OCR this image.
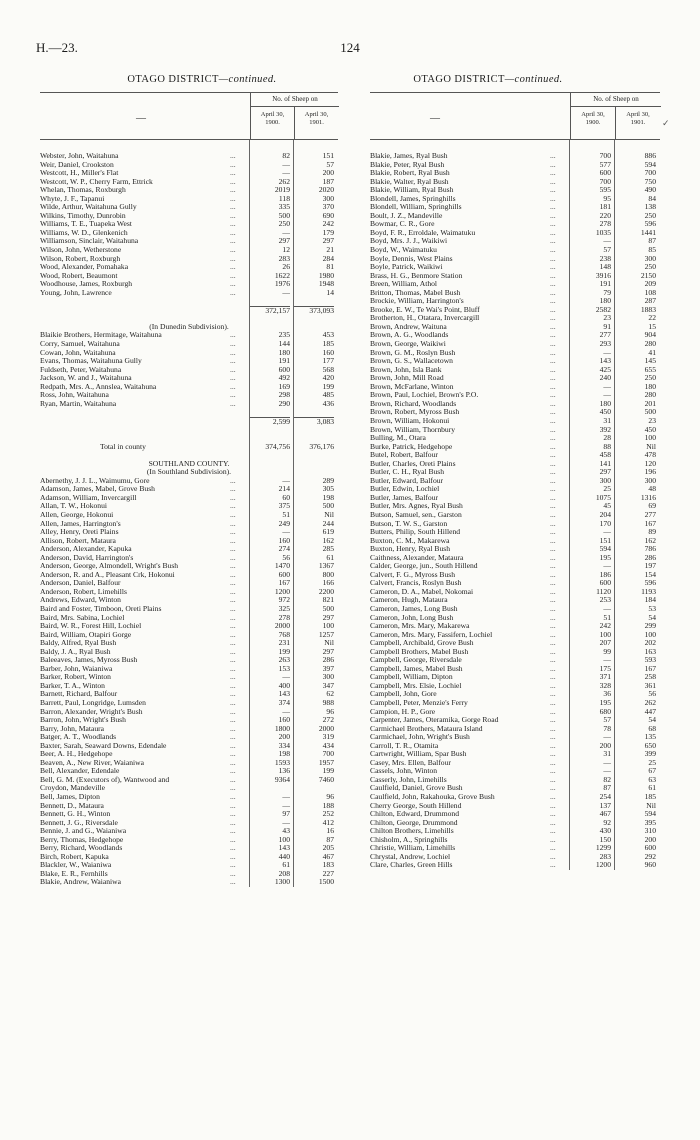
H.—23.	124
OTAGO DISTRICT—continued.	OTAGO DISTRICT—continued.
—
No. of Sheep on
April 30,
1900.
April 30,
1901.
Webster, John, Waitahuna	...	82	151
Weir, Daniel, Crookston	...	—	57
Westcott, H., Miller's Flat	...	—	200
Westcott, W. P., Cherry Farm, Ettrick	...	262	187
Whelan, Thomas, Roxburgh	...	2019	2020
Whyte, J. F., Tapanui	...	118	300
Wilde, Arthur, Waitahuna Gully	...	335	370
Wilkins, Timothy, Dunrobin	...	500	690
Williams, T. E., Tuapeka West	...	250	242
Williams, W. D., Glenkenich	...	—	179
Williamson, Sinclair, Waitahuna	...	297	297
Wilson, John, Wetherstone	...	12	21
Wilson, Robert, Roxburgh	...	283	284
Wood, Alexander, Pomahaka	...	26	81
Wood, Robert, Beaumont	...	1622	1980
Woodhouse, James, Roxburgh	...	1976	1948
Young, John, Lawrence	...	—	14
372,157	373,093
(In Dunedin Subdivision).
Blaikie Brothers, Hermitage, Waitahuna	...	235	453
Corry, Samuel, Waitahuna	...	144	185
Cowan, John, Waitahuna	...	180	160
Evans, Thomas, Waitahuna Gully	...	191	177
Fuldseth, Peter, Waitahuna	...	600	568
Jackson, W. and J., Waitahuna	...	492	420
Redpath, Mrs. A., Annslea, Waitahuna	...	169	199
Ross, John, Waitahuna	...	298	485
Ryan, Martin, Waitahuna	...	290	436
2,599	3,083
Total in county	374,756	376,176
SOUTHLAND COUNTY.
(In Southland Subdivision).
Abernethy, J. J. L., Waimumu, Gore	...	—	289
Adamson, James, Mabel, Grove Bush	...	214	305
Adamson, William, Invercargill	...	60	198
Allan, T. W., Hokonui	...	375	500
Allen, George, Hokonui	...	51	Nil
Allen, James, Harrington's	...	249	244
Alley, Henry, Oreti Plains	...	—	619
Allison, Robert, Mataura	...	160	162
Anderson, Alexander, Kapuka	...	274	285
Anderson, David, Harrington's	...	56	61
Anderson, George, Almondell, Wright's Bush	...	1470	1367
Anderson, R. and A., Pleasant Crk, Hokonui	...	600	800
Anderson, Daniel, Balfour	...	167	166
Anderson, Robert, Limehills	...	1200	2200
Andrews, Edward, Winton	...	972	821
Baird and Foster, Timboon, Oreti Plains	...	325	500
Baird, Mrs. Sabina, Lochiel	...	278	297
Baird, W. R., Forest Hill, Lochiel	...	2000	100
Baird, William, Otapiri Gorge	...	768	1257
Baldy, Alfred, Ryal Bush	...	231	Nil
Baldy, J. A., Ryal Bush	...	199	297
Baleeaves, James, Myross Bush	...	263	286
Barber, John, Waianiwa	...	153	397
Barker, Robert, Winton	...	—	300
Barker, T. A., Winton	...	400	347
Barnett, Richard, Balfour	...	143	62
Barrett, Paul, Longridge, Lumsden	...	374	988
Barron, Alexander, Wright's Bush	...	—	96
Barron, John, Wright's Bush	...	160	272
Barry, John, Mataura	...	1800	2000
Batger, A. T., Woodlands	...	200	319
Baxter, Sarah, Seaward Downs, Edendale	...	334	434
Beer, A. H., Hedgehope	...	198	700
Beaven, A., New River, Waianiwa	...	1593	1957
Bell, Alexander, Edendale	...	136	199
Bell, G. M. (Executors of), Wantwood and	...	9364	7460
Croydon, Mandeville	...
Bell, James, Dipton	...	—	96
Bennett, D., Mataura	...	—	188
Bennett, G. H., Winton	...	97	252
Bennett, J. G., Riversdale	...	—	412
Bennie, J. and G., Waianiwa	...	43	16
Berry, Thomas, Hedgehope	...	100	87
Berry, Richard, Woodlands	...	143	205
Birch, Robert, Kapuka	...	440	467
Blackler, W., Waianiwa	...	61	183
Blake, E. R., Fernhills	...	208	227
Blakie, Andrew, Waianiwa	...	1300	1500
—
No. of Sheep on
April 30,
1900.
April 30,
1901.
Blakie, James, Ryal Bush	...	700	886
Blakie, Peter, Ryal Bush	...	577	594
Blakie, Robert, Ryal Bush	...	600	700
Blakie, Walter, Ryal Bush	...	700	750
Blakie, William, Ryal Bush	...	595	490
Blondell, James, Springhills	...	95	84
Blondell, William, Springhills	...	181	138
Boult, J. Z., Mandeville	...	220	250
Bowmar, C. R., Gore	...	278	596
Boyd, F. R., Erroldale, Waimatuku	...	1035	1441
Boyd, Mrs. J. J., Waikiwi	...	—	87
Boyd, W., Waimatuku	...	57	85
Boyle, Dennis, West Plains	...	238	300
Boyle, Patrick, Waikiwi	...	148	250
Brass, H. G., Benmore Station	...	3916	2150
Breen, William, Athol	...	191	209
Britton, Thomas, Mabel Bush	...	79	108
Brockie, William, Harrington's	...	180	287
Brooke, E. W., Te Wai's Point, Bluff	...	2582	1883
Brotherton, H., Otatara, Invercargill	...	23	22
Brown, Andrew, Waituna	...	91	15
Brown, A. G., Woodlands	...	277	904
Brown, George, Waikiwi	...	293	280
Brown, G. M., Roslyn Bush	...	—	41
Brown, G. S., Wallacetown	...	143	145
Brown, John, Isla Bank	...	425	655
Brown, John, Mill Road	...	240	250
Brown, McFarlane, Winton	...	—	180
Brown, Paul, Lochiel, Brown's P.O.	...	—	280
Brown, Richard, Woodlands	...	180	201
Brown, Robert, Myross Bush	...	450	500
Brown, William, Hokonui	...	31	23
Brown, William, Thornbury	...	392	450
Bulling, M., Otara	...	28	100
Burke, Patrick, Hedgehope	...	88	Nil
Butel, Robert, Balfour	...	458	478
Butler, Charles, Oreti Plains	...	141	120
Butler, C. H., Ryal Bush	...	297	196
Butler, Edward, Balfour	...	300	300
Butler, Edwin, Lochiel	...	25	48
Butler, James, Balfour	...	1075	1316
Butler, Mrs. Agnes, Ryal Bush	...	45	69
Butson, Samuel, sen., Garston	...	204	277
Butson, T. W. S., Garston	...	170	167
Butters, Philip, South Hillend	...	—	89
Buxton, C. M., Makarewa	...	151	162
Buxton, Henry, Ryal Bush	...	594	786
Caithness, Alexander, Mataura	...	195	286
Calder, George, jun., South Hillend	...	—	197
Calvert, F. G., Myross Bush	...	186	154
Calvert, Francis, Roslyn Bush	...	600	596
Cameron, D. A., Mabel, Nokomai	...	1120	1193
Cameron, Hugh, Mataura	...	253	184
Cameron, James, Long Bush	...	—	53
Cameron, John, Long Bush	...	51	54
Cameron, Mrs. Mary, Makarewa	...	242	299
Cameron, Mrs. Mary, Fassifern, Lochiel	...	100	100
Campbell, Archibald, Grove Bush	...	207	202
Campbell Brothers, Mabel Bush	...	99	163
Campbell, George, Riversdale	...	—	593
Campbell, James, Mabel Bush	...	175	167
Campbell, William, Dipton	...	371	258
Campbell, Mrs. Elsie, Lochiel	...	328	361
Campbell, John, Gore	...	36	56
Campbell, Peter, Menzie's Ferry	...	195	262
Campion, H. P., Gore	...	680	447
Carpenter, James, Oteramika, Gorge Road	...	57	54
Carmichael Brothers, Mataura Island	...	78	68
Carmichael, John, Wright's Bush	...	—	135
Carroll, T. R., Otamita	...	200	650
Cartwright, William, Spar Bush	...	31	399
Casey, Mrs. Ellen, Balfour	...	—	25
Cassels, John, Winton	...	—	67
Casserly, John, Limehills	...	82	63
Caulfield, Daniel, Grove Bush	...	87	61
Caulfield, John, Rakahouka, Grove Bush	...	254	185
Cherry George, South Hillend	...	137	Nil
Chilton, Edward, Drummond	...	467	594
Chilton, George, Drummond	...	92	395
Chilton Brothers, Limehills	...	430	310
Chisholm, A., Springhills	...	150	200
Christie, William, Limehills	...	1299	600
Chrystal, Andrew, Lochiel	...	283	292
Clare, Charles, Green Hills	...	1200	960
✓
